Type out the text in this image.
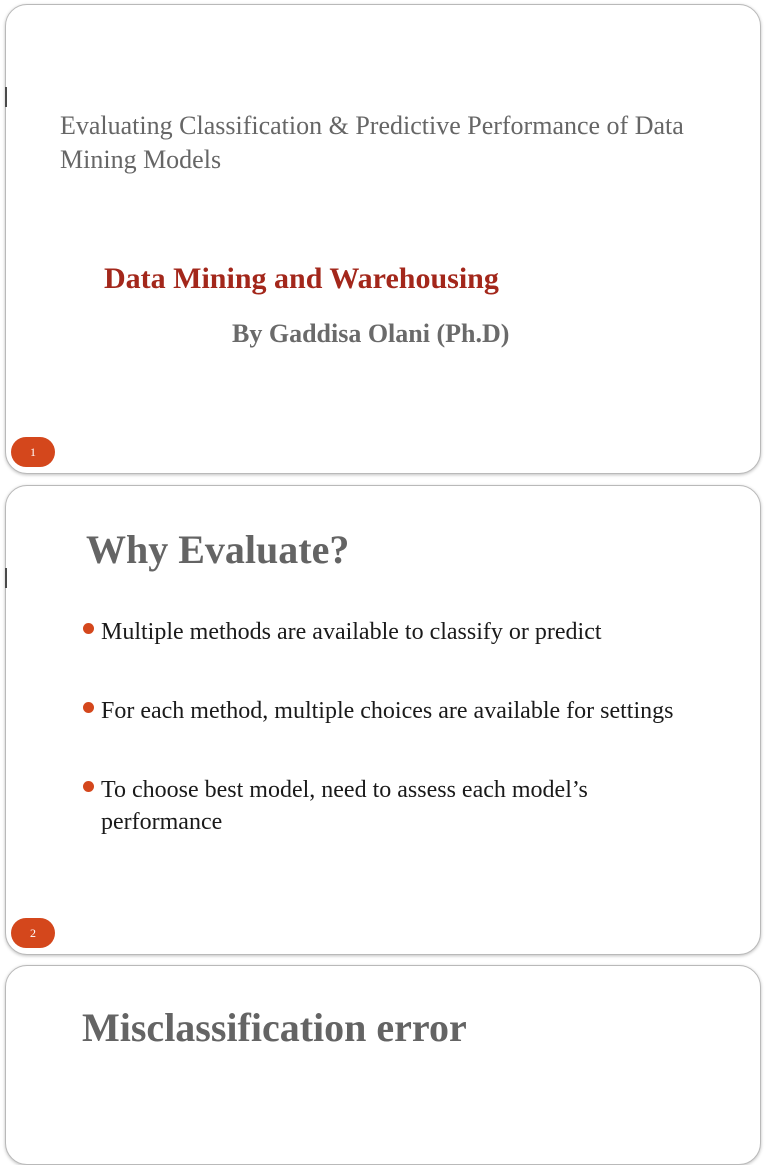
Evaluating Classification & Predictive Performance of Data Mining Models

Data Mining and Warehousing

By Gaddisa Olani (Ph.D)

1

Why Evaluate?

Multiple methods are available to classify or predict
For each method, multiple choices are available for settings
To choose best model, need to assess each model’s performance
2

Misclassification error
